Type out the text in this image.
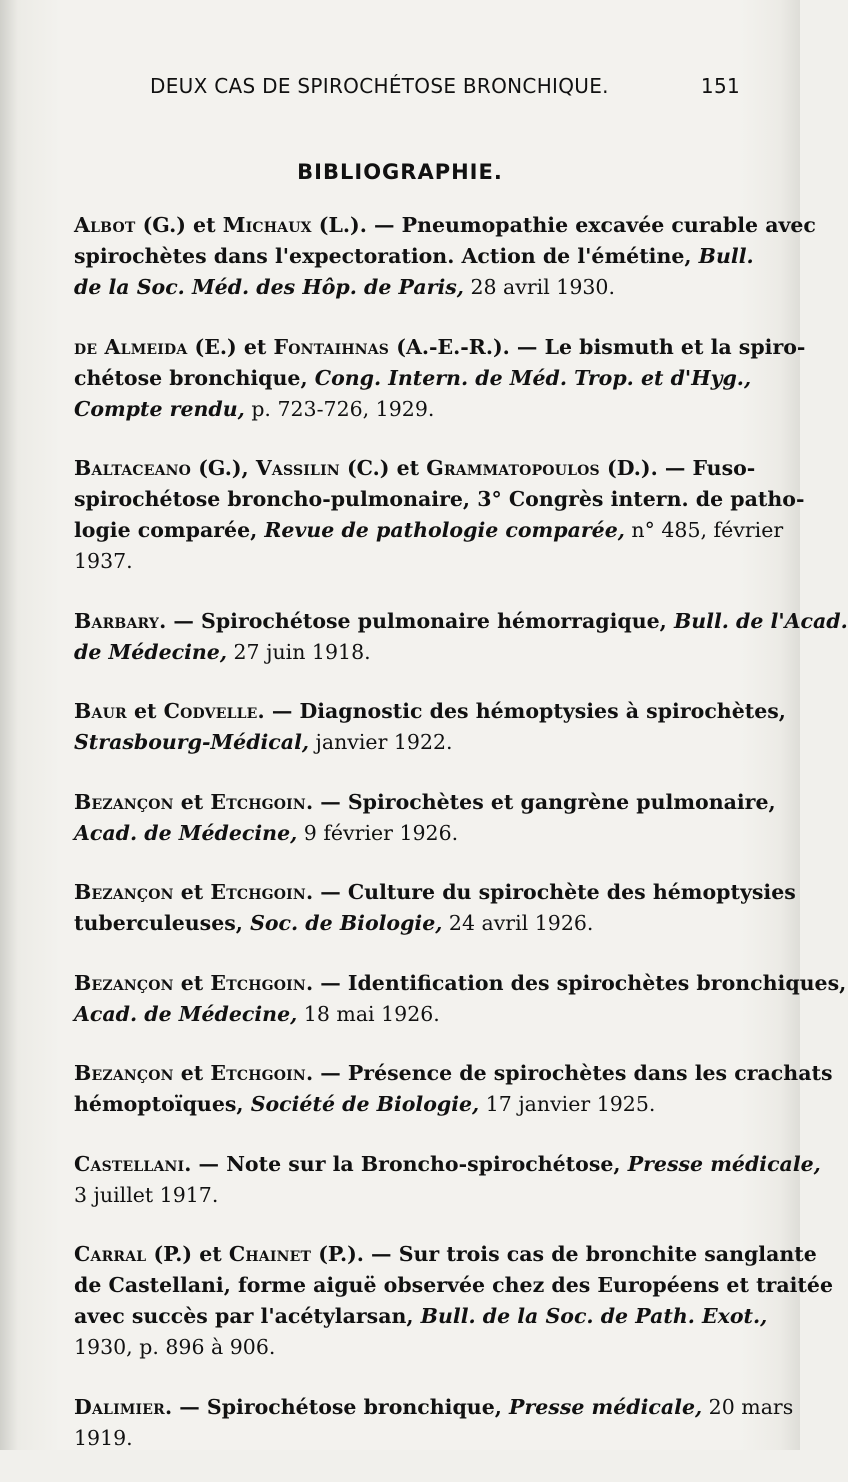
DEUX CAS DE SPIROCHÉTOSE BRONCHIQUE.	151
BIBLIOGRAPHIE.
Albot (G.) et Michaux (L.). — Pneumopathie excavée curable avec
spirochètes dans l'expectoration. Action de l'émétine, Bull.
de la Soc. Méd. des Hôp. de Paris, 28 avril 1930.
de Almeida (E.) et Fontaihnas (A.-E.-R.). — Le bismuth et la spiro-
chétose bronchique, Cong. Intern. de Méd. Trop. et d'Hyg.,
Compte rendu, p. 723-726, 1929.
Baltaceano (G.), Vassilin (C.) et Grammatopoulos (D.). — Fuso-
spirochétose broncho-pulmonaire, 3° Congrès intern. de patho-
logie comparée, Revue de pathologie comparée, n° 485, février
1937.
Barbary. — Spirochétose pulmonaire hémorragique, Bull. de l'Acad.
de Médecine, 27 juin 1918.
Baur et Codvelle. — Diagnostic des hémoptysies à spirochètes,
Strasbourg-Médical, janvier 1922.
Bezançon et Etchgoin. — Spirochètes et gangrène pulmonaire,
Acad. de Médecine, 9 février 1926.
Bezançon et Etchgoin. — Culture du spirochète des hémoptysies
tuberculeuses, Soc. de Biologie, 24 avril 1926.
Bezançon et Etchgoin. — Identification des spirochètes bronchiques,
Acad. de Médecine, 18 mai 1926.
Bezançon et Etchgoin. — Présence de spirochètes dans les crachats
hémoptoïques, Société de Biologie, 17 janvier 1925.
Castellani. — Note sur la Broncho-spirochétose, Presse médicale,
3 juillet 1917.
Carral (P.) et Chainet (P.). — Sur trois cas de bronchite sanglante
de Castellani, forme aiguë observée chez des Européens et traitée
avec succès par l'acétylarsan, Bull. de la Soc. de Path. Exot.,
1930, p. 896 à 906.
Dalimier. — Spirochétose bronchique, Presse médicale, 20 mars
1919.
